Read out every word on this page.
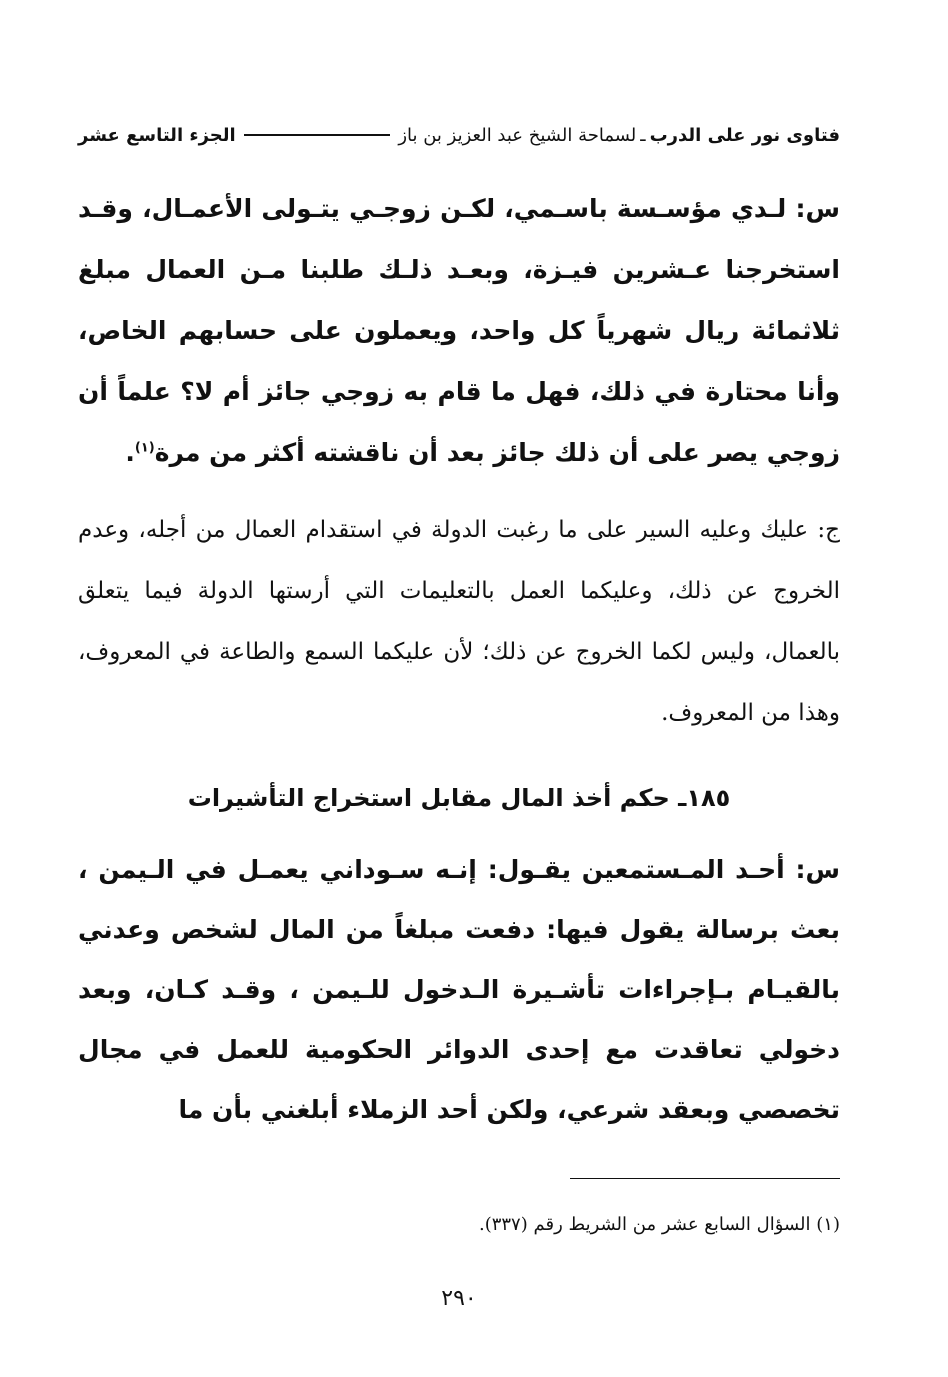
فتاوى نور على الدرب
ـ
لسماحة الشيخ عبد العزيز بن باز
الجزء التاسع عشر
س: لـدي مؤسـسة باسـمي، لكـن زوجـي يتـولى الأعمـال، وقـد استخرجنا عـشرين فيـزة، وبعـد ذلـك طلبنا مـن العمال مبلغ ثلاثمائة ريال شهرياً كل واحد، ويعملون على حسابهم الخاص، وأنا محتارة في ذلك، فهل ما قام به زوجي جائز أم لا؟ علماً أن زوجي يصر على أن ذلك جائز بعد أن ناقشته أكثر من مرة$^{(١)}$.
ج: عليك وعليه السير على ما رغبت الدولة في استقدام العمال من أجله، وعدم الخروج عن ذلك، وعليكما العمل بالتعليمات التي أرستها الدولة فيما يتعلق بالعمال، وليس لكما الخروج عن ذلك؛ لأن عليكما السمع والطاعة في المعروف، وهذا من المعروف.
١٨٥ـ حكم أخذ المال مقابل استخراج التأشيرات
س: أحـد المـستمعين يقـول: إنـه سـوداني يعمـل في الـيمن ، بعث برسالة يقول فيها: دفعت مبلغاً من المال لشخص وعدني بالقيـام بـإجراءات تأشـيرة الـدخول للـيمن ، وقـد كـان، وبعد دخولي تعاقدت مع إحدى الدوائر الحكومية للعمل في مجال تخصصي وبعقد شرعي، ولكن أحد الزملاء أبلغني بأن ما
(١) السؤال السابع عشر من الشريط رقم (٣٣٧).
٢٩٠
